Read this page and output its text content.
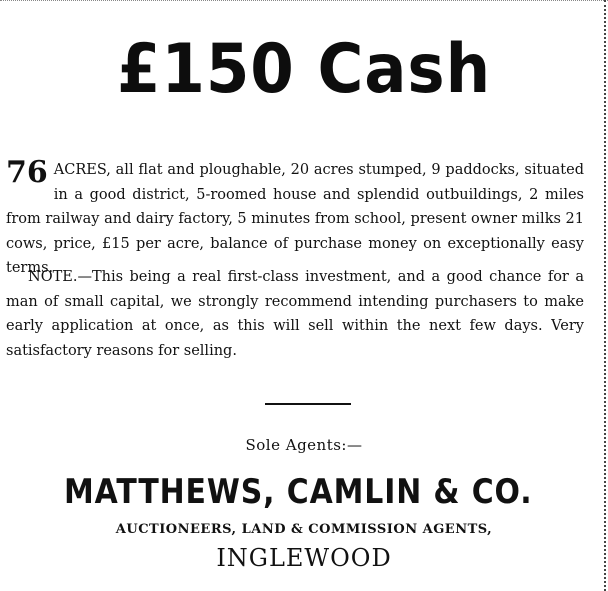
£150 Cash
76 ACRES, all flat and ploughable, 20 acres stumped, 9 paddocks, situated in a good district, 5-roomed house and splendid outbuildings, 2 miles from railway and dairy factory, 5 minutes from school, present owner milks 21 cows, price, £15 per acre, balance of purchase money on exceptionally easy terms.
NOTE.—This being a real first-class investment, and a good chance for a man of small capital, we strongly recommend intending purchasers to make early application at once, as this will sell within the next few days. Very satisfactory reasons for selling.
Sole Agents:—
MATTHEWS, CAMLIN & CO.
AUCTIONEERS, LAND & COMMISSION AGENTS,
INGLEWOOD
